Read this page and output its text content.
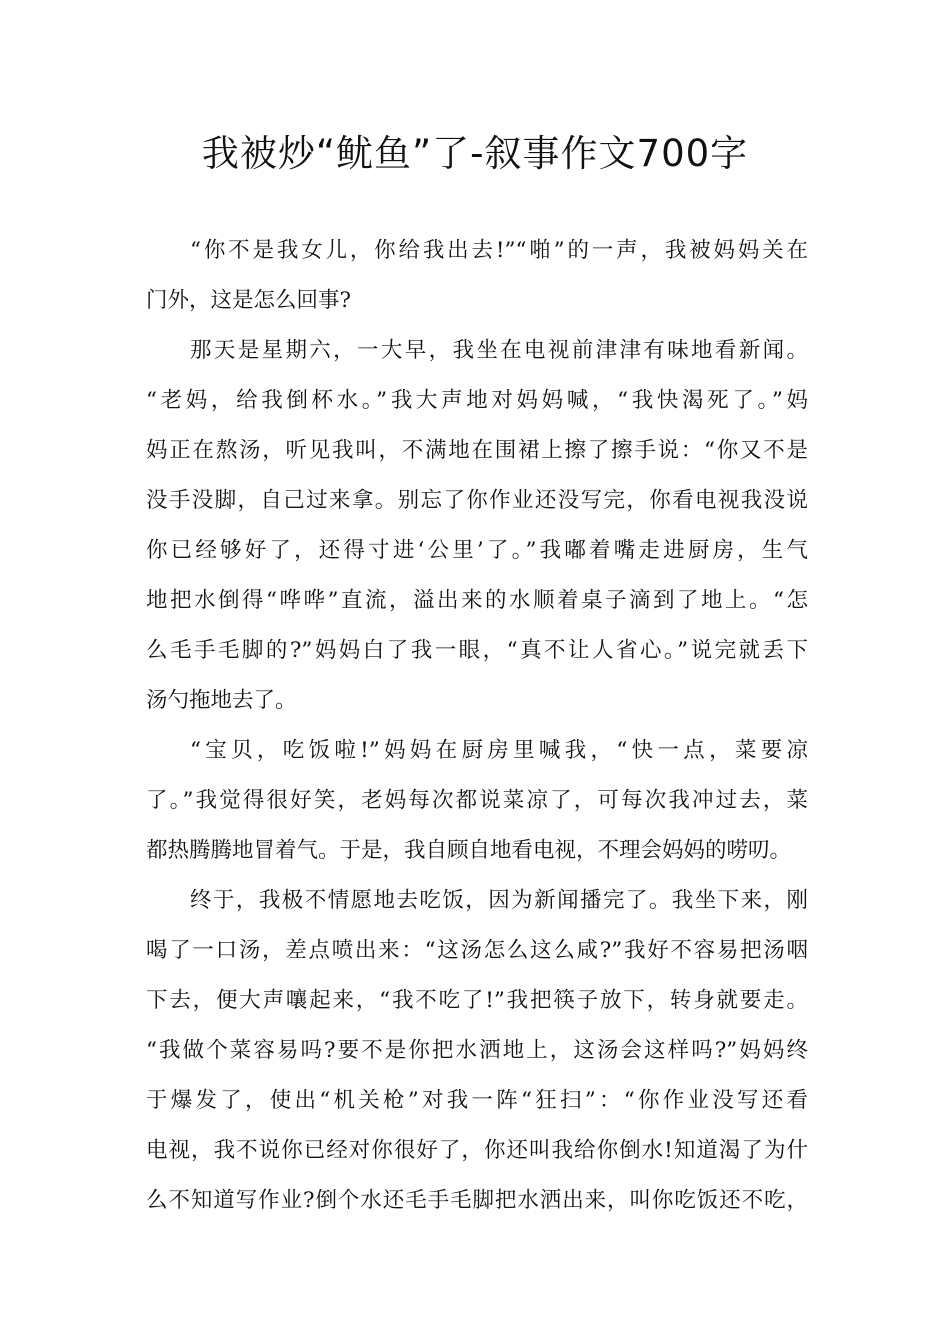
我被炒“鱿鱼”了-叙事作文700字
“你不是我女儿，你给我出去!”“啪”的一声，我被妈妈关在
门外，这是怎么回事?
那天是星期六，一大早，我坐在电视前津津有味地看新闻。
“老妈，给我倒杯水。”我大声地对妈妈喊，“我快渴死了。”妈
妈正在熬汤，听见我叫，不满地在围裙上擦了擦手说：“你又不是
没手没脚，自己过来拿。别忘了你作业还没写完，你看电视我没说
你已经够好了，还得寸进‘公里’了。”我嘟着嘴走进厨房，生气
地把水倒得“哗哗”直流，溢出来的水顺着桌子滴到了地上。“怎
么毛手毛脚的?”妈妈白了我一眼，“真不让人省心。”说完就丢下
汤勺拖地去了。
“宝贝，吃饭啦!”妈妈在厨房里喊我，“快一点，菜要凉
了。”我觉得很好笑，老妈每次都说菜凉了，可每次我冲过去，菜
都热腾腾地冒着气。于是，我自顾自地看电视，不理会妈妈的唠叨。
终于，我极不情愿地去吃饭，因为新闻播完了。我坐下来，刚
喝了一口汤，差点喷出来：“这汤怎么这么咸?”我好不容易把汤咽
下去，便大声嚷起来，“我不吃了!”我把筷子放下，转身就要走。
“我做个菜容易吗?要不是你把水洒地上，这汤会这样吗?”妈妈终
于爆发了，使出“机关枪”对我一阵“狂扫”：“你作业没写还看
电视，我不说你已经对你很好了，你还叫我给你倒水!知道渴了为什
么不知道写作业?倒个水还毛手毛脚把水洒出来，叫你吃饭还不吃，
